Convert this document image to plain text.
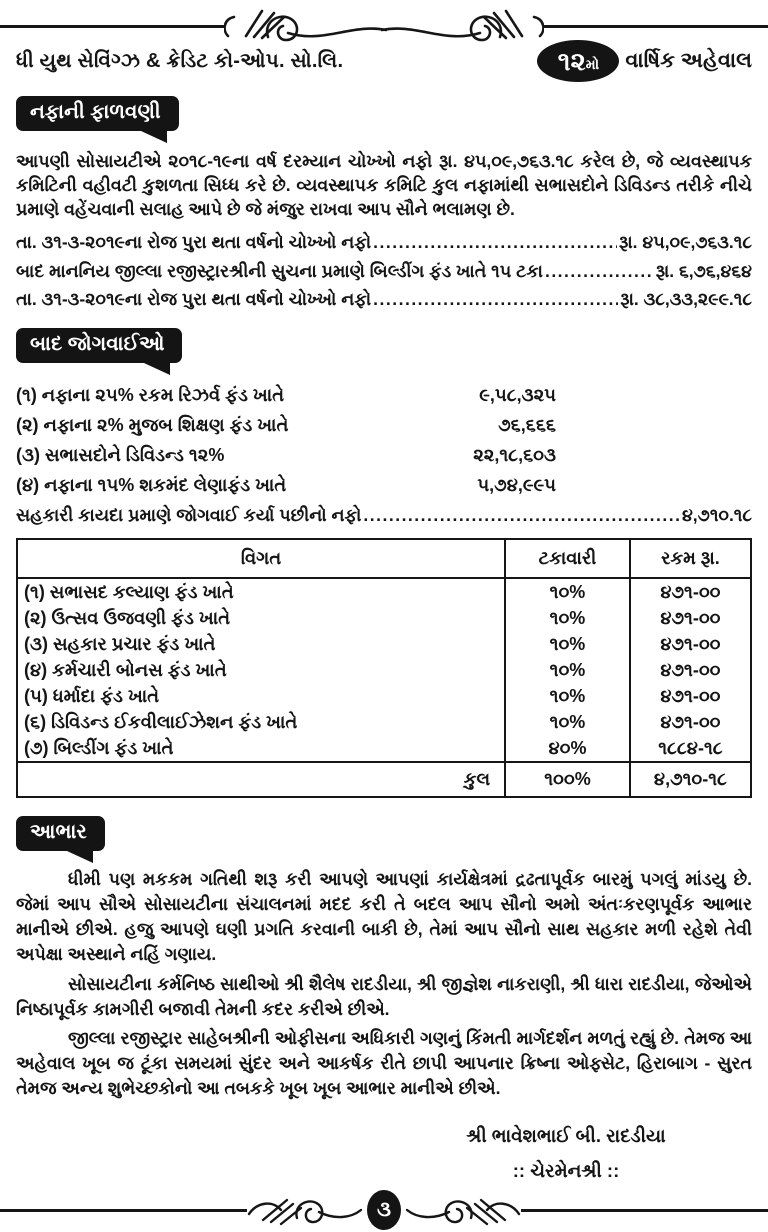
ધી યુથ સેવિંગ્ઝ & ક્રેડિટ કો-ઓપ. સો.લિ.	૧૨ મો વાર્ષિક અહેવાલ
નફાની ફાળવણી

આપણી સોસાયટીએ ૨૦૧૮-૧૯ના વર્ષ દરમ્યાન ચોખ્ખો નફો રૂા. ૪૫,૦૯,૭૬૩.૧૮ કરેલ છે, જે વ્યવસ્થાપક કમિટિની વહીવટી કુશળતા સિધ્ધ કરે છે. વ્યવસ્થાપક કમિટિ કુલ નફામાંથી સભાસદોને ડિવિડન્ડ તરીકે નીચે પ્રમાણે વહેંચવાની સલાહ આપે છે જે મંજુર રાખવા આપ સૌને ભલામણ છે.

તા. ૩૧-૩-૨૦૧૯ના રોજ પુરા થતા વર્ષનો ચોખ્ખો નફો .....	રૂા. ૪૫,૦૯,૭૬૩.૧૮
બાદ માનનિય જીલ્લા રજીસ્ટ્રારશ્રીની સુચના પ્રમાણે બિલ્ડીંગ ફંડ ખાતે ૧૫ ટકા .....	રૂા. ૬,૭૬,૪૬૪
તા. ૩૧-૩-૨૦૧૯ના રોજ પુરા થતા વર્ષનો ચોખ્ખો નફો .....	રૂા. ૩૮,૩૩,૨૯૯.૧૮
બાદ જોગવાઈઓ
(૧) નફાના ૨૫% રકમ રિઝર્વ ફંડ ખાતે	૯,૫૮,૩૨૫
(૨) નફાના ૨% મુજબ શિક્ષણ ફંડ ખાતે	૭૬,૬૬૬
(૩) સભાસદોને ડિવિડન્ડ ૧૨%	૨૨,૧૮,૬૦૩
(૪) નફાના ૧૫% શકમંદ લેણાફંડ ખાતે	૫,૭૪,૯૯૫
સહકારી કાયદા પ્રમાણે જોગવાઈ કર્યા પછીનો નફો .....	૪,૭૧૦.૧૮
વિગત	ટકાવારી	રકમ રૂા.
(૧) સભાસદ કલ્યાણ ફંડ ખાતે	૧૦%	૪૭૧-૦૦
(૨) ઉત્સવ ઉજવણી ફંડ ખાતે	૧૦%	૪૭૧-૦૦
(૩) સહકાર પ્રચાર ફંડ ખાતે	૧૦%	૪૭૧-૦૦
(૪) કર્મચારી બોનસ ફંડ ખાતે	૧૦%	૪૭૧-૦૦
(૫) ધર્માદા ફંડ ખાતે	૧૦%	૪૭૧-૦૦
(૬) ડિવિડન્ડ ઈકવીલાઈઝેશન ફંડ ખાતે	૧૦%	૪૭૧-૦૦
(૭) બિલ્ડીંગ ફંડ ખાતે	૪૦%	૧૮૮૪-૧૮
કુલ	૧૦૦%	૪,૭૧૦-૧૮
આભાર

ધીમી પણ મકકમ ગતિથી શરૂ કરી આપણે આપણાં કાર્યક્ષેત્રમાં દ્રઢતાપૂર્વક બારમું પગલું માંડયુ છે. જેમાં આપ સૌએ સોસાયટીના સંચાલનમાં મદદ કરી તે બદલ આપ સૌનો અમો અંતઃકરણપૂર્વક આભાર માનીએ છીએ. હજુ આપણે ઘણી પ્રગતિ કરવાની બાકી છે, તેમાં આપ સૌનો સાથ સહકાર મળી રહેશે તેવી અપેક્ષા અસ્થાને નહિં ગણાય.

સોસાયટીના કર્મનિષ્ઠ સાથીઓ શ્રી શૈલેષ રાદડીયા, શ્રી જીજ્ઞેશ નાકરાણી, શ્રી ધારા રાદડીયા, જેઓએ નિષ્ઠાપૂર્વક કામગીરી બજાવી તેમની કદર કરીએ છીએ.

જીલ્લા રજીસ્ટ્રાર સાહેબશ્રીની ઓફીસના અધિકારી ગણનું કિંમતી માર્ગદર્શન મળતું રહ્યું છે. તેમજ આ અહેવાલ ખૂબ જ ટૂંકા સમયમાં સુંદર અને આકર્ષક રીતે છાપી આપનાર ક્રિષ્ના ઓફ્સેટ, હિરાબાગ - સુરત તેમજ અન્ય શુભેચ્છકોનો આ તબકકે ખૂબ ખૂબ આભાર માનીએ છીએ.

શ્રી ભાવેશભાઈ બી. રાદડીયા
:: ચેરમેનશ્રી ::
૩
